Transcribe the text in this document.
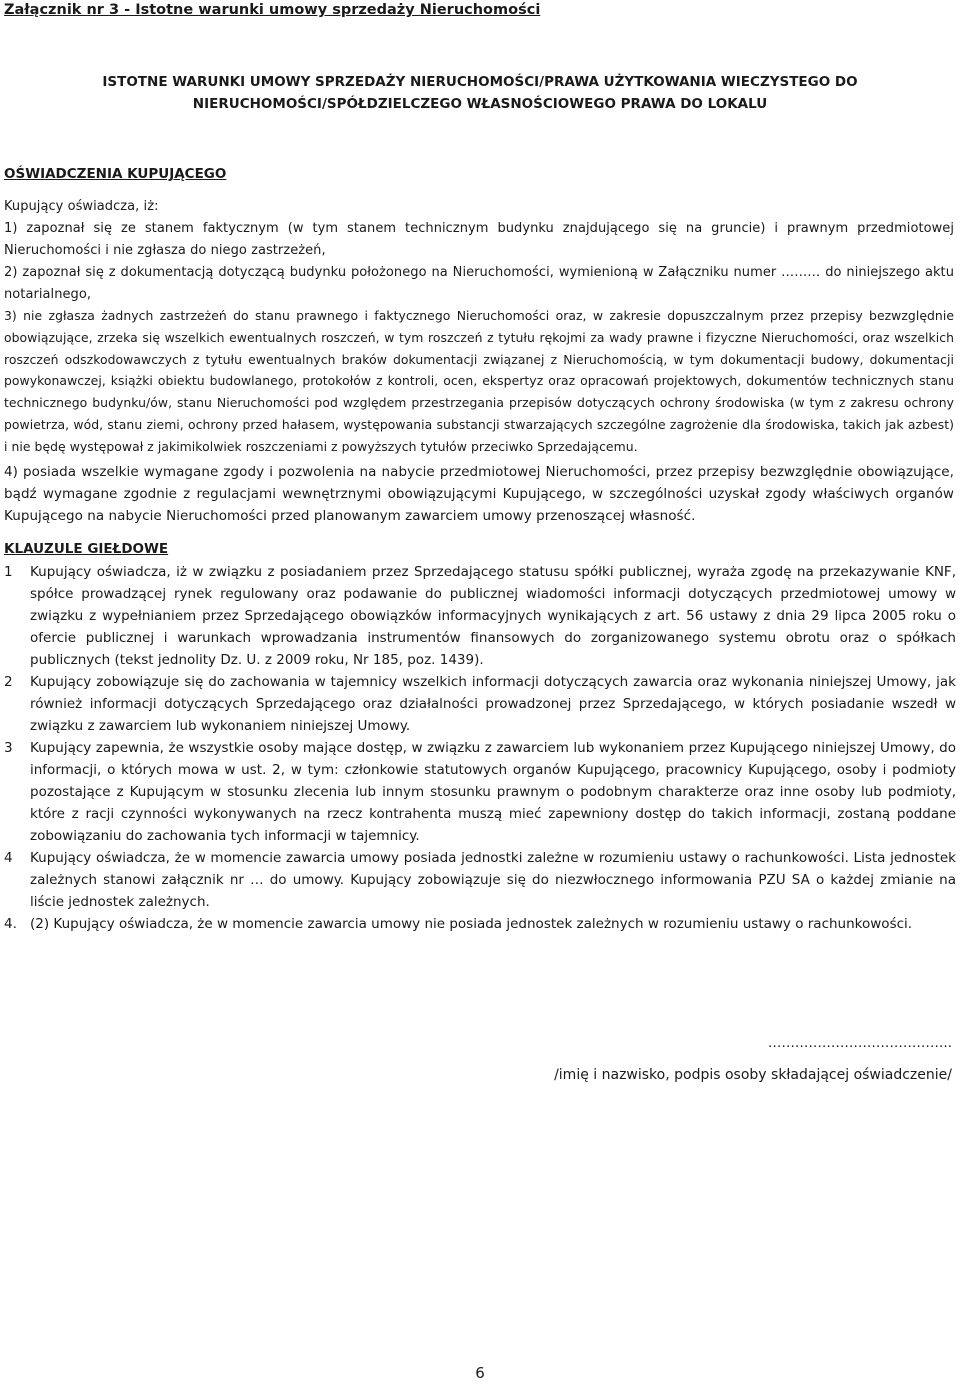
Załącznik nr 3 - Istotne warunki umowy sprzedaży Nieruchomości
ISTOTNE WARUNKI UMOWY SPRZEDAŻY NIERUCHOMOŚCI/PRAWA UŻYTKOWANIA WIECZYSTEGO DO
NIERUCHOMOŚCI/SPÓŁDZIELCZEGO WŁASNOŚCIOWEGO PRAWA DO LOKALU
OŚWIADCZENIA KUPUJĄCEGO

Kupujący oświadcza, iż:

1) zapoznał się ze stanem faktycznym (w tym stanem technicznym budynku znajdującego się na gruncie) i prawnym przedmiotowej Nieruchomości i nie zgłasza do niego zastrzeżeń,

2) zapoznał się z dokumentacją dotyczącą budynku położonego na Nieruchomości, wymienioną w Załączniku numer ……… do niniejszego aktu notarialnego,

3) nie zgłasza żadnych zastrzeżeń do stanu prawnego i faktycznego Nieruchomości oraz, w zakresie dopuszczalnym przez przepisy bezwzględnie obowiązujące, zrzeka się wszelkich ewentualnych roszczeń, w tym roszczeń z tytułu rękojmi za wady prawne i fizyczne Nieruchomości, oraz wszelkich roszczeń odszkodowawczych z tytułu ewentualnych braków dokumentacji związanej z Nieruchomością, w tym dokumentacji budowy, dokumentacji powykonawczej, książki obiektu budowlanego, protokołów z kontroli, ocen, ekspertyz oraz opracowań projektowych, dokumentów technicznych stanu technicznego budynku/ów, stanu Nieruchomości pod względem przestrzegania przepisów dotyczących ochrony środowiska (w tym z zakresu ochrony powietrza, wód, stanu ziemi, ochrony przed hałasem, występowania substancji stwarzających szczególne zagrożenie dla środowiska, takich jak azbest) i nie będę występował z jakimikolwiek roszczeniami z powyższych tytułów przeciwko Sprzedającemu.

4) posiada wszelkie wymagane zgody i pozwolenia na nabycie przedmiotowej Nieruchomości, przez przepisy bezwzględnie obowiązujące, bądź wymagane zgodnie z regulacjami wewnętrznymi obowiązującymi Kupującego, w szczególności uzyskał zgody właściwych organów Kupującego na nabycie Nieruchomości przed planowanym zawarciem umowy przenoszącej własność.

KLAUZULE GIEŁDOWE
1	Kupujący oświadcza, iż w związku z posiadaniem przez Sprzedającego statusu spółki publicznej, wyraża zgodę na przekazywanie KNF, spółce prowadzącej rynek regulowany oraz podawanie do publicznej wiadomości informacji dotyczących przedmiotowej umowy w związku z wypełnianiem przez Sprzedającego obowiązków informacyjnych wynikających z art. 56 ustawy z dnia 29 lipca 2005 roku o ofercie publicznej i warunkach wprowadzania instrumentów finansowych do zorganizowanego systemu obrotu oraz o spółkach publicznych (tekst jednolity Dz. U. z 2009 roku, Nr 185, poz. 1439).
2	Kupujący zobowiązuje się do zachowania w tajemnicy wszelkich informacji dotyczących zawarcia oraz wykonania niniejszej Umowy, jak również informacji dotyczących Sprzedającego oraz działalności prowadzonej przez Sprzedającego, w których posiadanie wszedł w związku z zawarciem lub wykonaniem niniejszej Umowy.
3	Kupujący zapewnia, że wszystkie osoby mające dostęp, w związku z zawarciem lub wykonaniem przez Kupującego niniejszej Umowy, do informacji, o których mowa w ust. 2, w tym: członkowie statutowych organów Kupującego, pracownicy Kupującego, osoby i podmioty pozostające z Kupującym w stosunku zlecenia lub innym stosunku prawnym o podobnym charakterze oraz inne osoby lub podmioty, które z racji czynności wykonywanych na rzecz kontrahenta muszą mieć zapewniony dostęp do takich informacji, zostaną poddane zobowiązaniu do zachowania tych informacji w tajemnicy.
4	Kupujący oświadcza, że w momencie zawarcia umowy posiada jednostki zależne w rozumieniu ustawy o rachunkowości. Lista jednostek zależnych stanowi załącznik nr … do umowy. Kupujący zobowiązuje się do niezwłocznego informowania PZU SA o każdej zmianie na liście jednostek zależnych.
4. (2) Kupujący oświadcza, że w momencie zawarcia umowy nie posiada jednostek zależnych w rozumieniu ustawy o rachunkowości.
…………………………………..
/imię i nazwisko, podpis osoby składającej oświadczenie/
6
